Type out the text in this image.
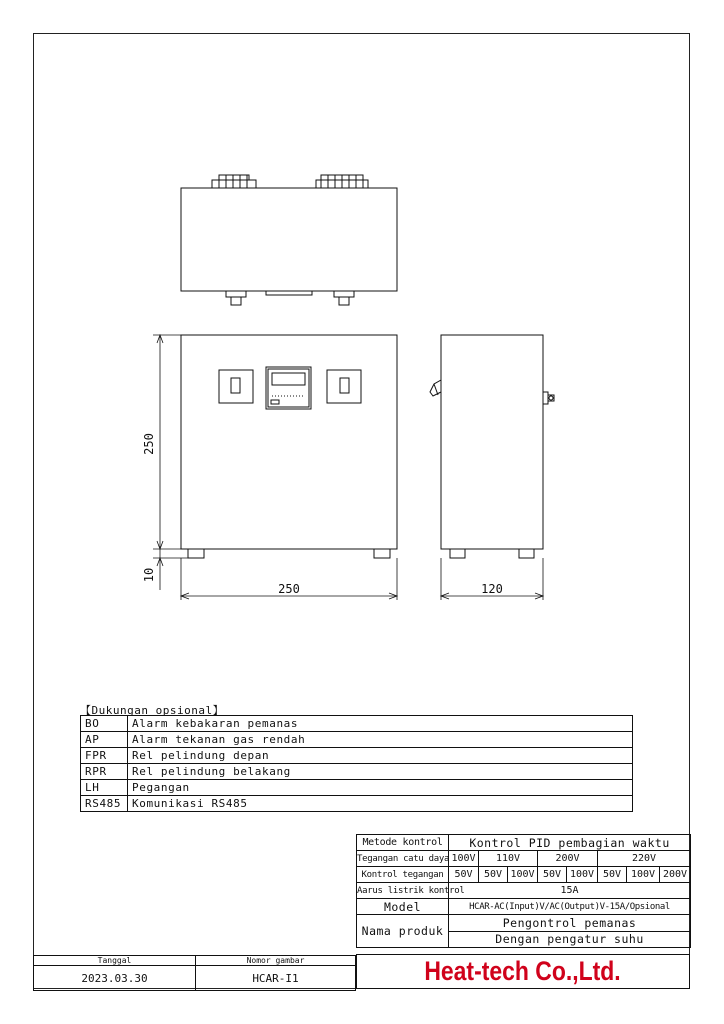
250
10
250	120
【Dukungan opsional】
BO	Alarm kebakaran pemanas
AP	Alarm tekanan gas rendah
FPR	Rel pelindung depan
RPR	Rel pelindung belakang
LH	Pegangan
RS485	Komunikasi RS485
Metode kontrol	Kontrol PID pembagian waktu							
Tegangan catu daya	100V	110V		200V		220V		
Kontrol tegangan	50V	50V	100V	50V	100V	50V	100V	200V
Aarus listrik kontrol	15A							
Model	HCAR-AC(Input)V/AC(Output)V-15A/Opsional							
Nama produk	Pengontrol pemanas							
	Dengan pengatur suhu							
Tanggal	Nomor gambar
2023.03.30	HCAR-I1	Heat-tech Co.,Ltd.
